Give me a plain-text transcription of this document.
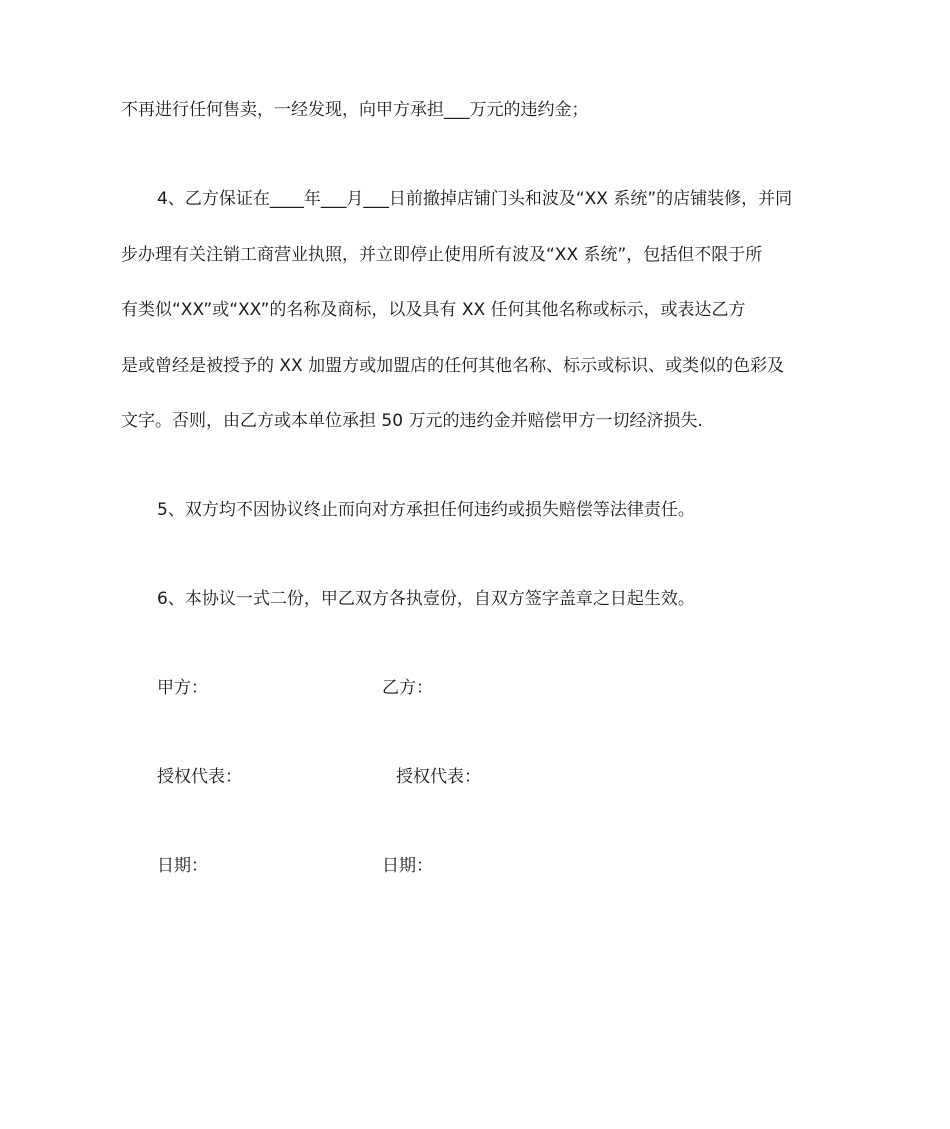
不再进行任何售卖，一经发现，向甲方承担___万元的违约金；
4、乙方保证在____年___月___日前撤掉店铺门头和波及“XX 系统”的店铺装修，并同
步办理有关注销工商营业执照，并立即停止使用所有波及“XX 系统”，包括但不限于所
有类似“XX”或“XX”的名称及商标，以及具有 XX 任何其他名称或标示，或表达乙方
是或曾经是被授予的 XX 加盟方或加盟店的任何其他名称、标示或标识、或类似的色彩及
文字。否则，由乙方或本单位承担 50 万元的违约金并赔偿甲方一切经济损失.
5、双方均不因协议终止而向对方承担任何违约或损失赔偿等法律责任。
6、本协议一式二份，甲乙双方各执壹份，自双方签字盖章之日起生效。
甲方：	乙方：
授权代表：	授权代表：
日期：	日期：
